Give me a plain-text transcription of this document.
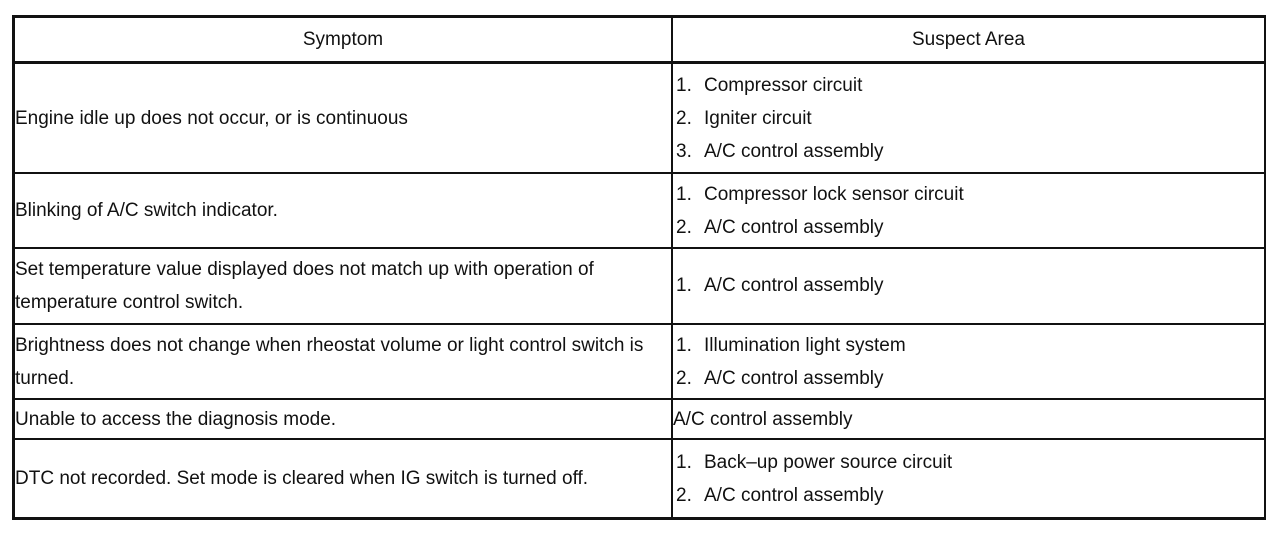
Symptom	Suspect Area
Engine idle up does not occur, or is continuous	1. Compressor circuit
2. Igniter circuit
3. A/C control assembly

Blinking of A/C switch indicator.	1. Compressor lock sensor circuit
2. A/C control assembly

Set temperature value displayed does not match up with operation of temperature control switch.	1. A/C control assembly

Brightness does not change when rheostat volume or light control switch is turned.	1. Illumination light system
2. A/C control assembly

Unable to access the diagnosis mode.	A/C control assembly

DTC not recorded. Set mode is cleared when IG switch is turned off.	1. Back–up power source circuit
2. A/C control assembly
